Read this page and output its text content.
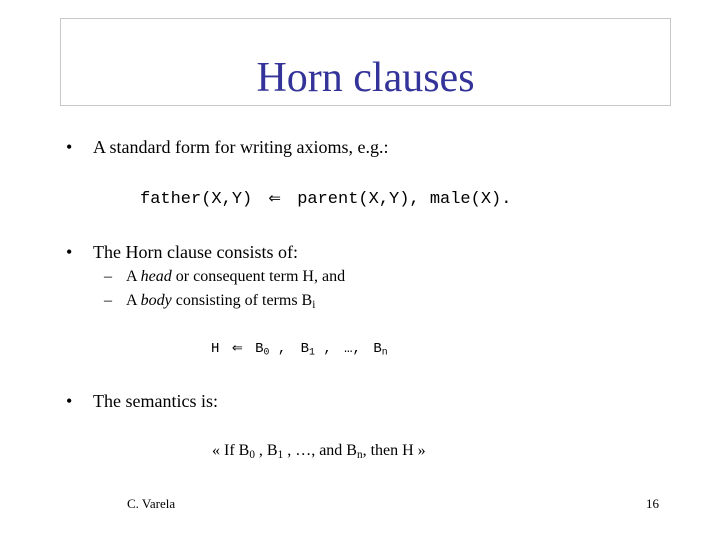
Horn clauses
• A standard form for writing axioms, e.g.:
father(X,Y) ⇐ parent(X,Y), male(X).
• The Horn clause consists of:
– A head or consequent term H, and
– A body consisting of terms $B_i$
H ⇐ $B_0$ , $B_1$ , …, $B_n$
• The semantics is:
« If $B_0$ , $B_1$ , …, and $B_n$, then H »
C. Varela	16
